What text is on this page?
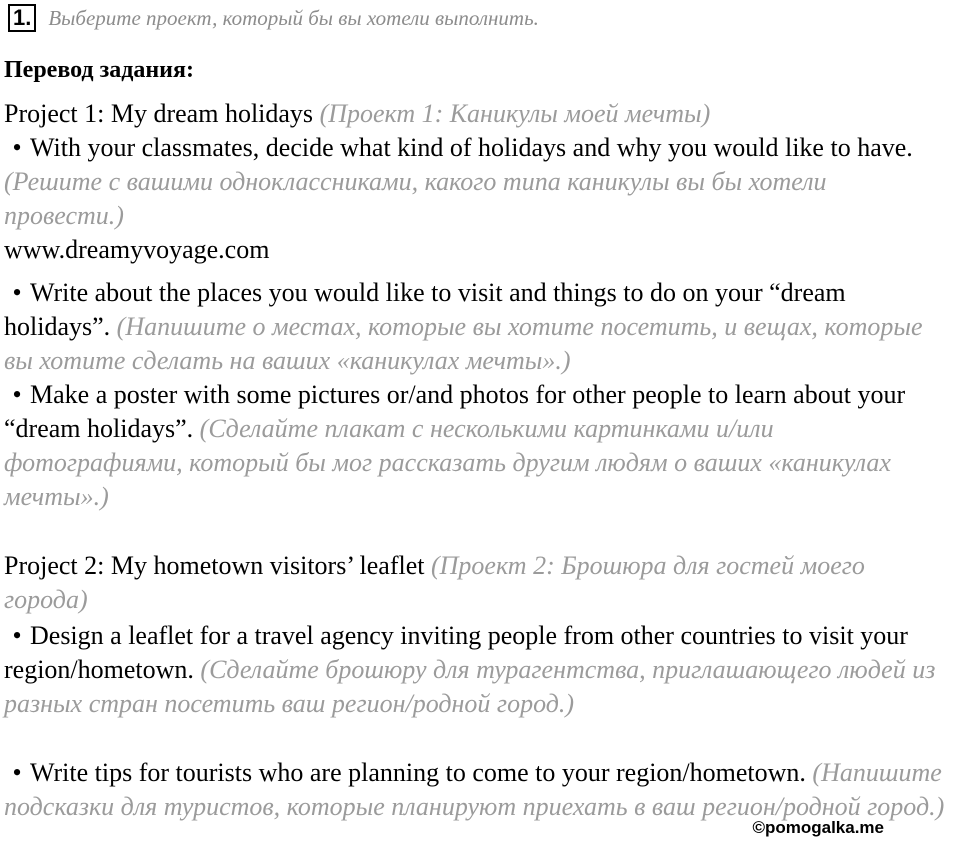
1. Выберите проект, который бы вы хотели выполнить.
Перевод задания:

Project 1: My dream holidays (Проект 1: Каникулы моей мечты)

• With your classmates, decide what kind of holidays and why you would like to have. (Решите с вашими одноклассниками, какого типа каникулы вы бы хотели провести.)

www.dreamyvoyage.com

• Write about the places you would like to visit and things to do on your “dream holidays”. (Напишите о местах, которые вы хотите посетить, и вещах, которые вы хотите сделать на ваших «каникулах мечты».)

• Make a poster with some pictures or/and photos for other people to learn about your “dream holidays”. (Сделайте плакат с несколькими картинками и/или фотографиями, который бы мог рассказать другим людям о ваших «каникулах мечты».)

Project 2: My hometown visitors’ leaflet (Проект 2: Брошюра для гостей моего города)

• Design a leaflet for a travel agency inviting people from other countries to visit your region/hometown. (Сделайте брошюру для турагентства, приглашающего людей из разных стран посетить ваш регион/родной город.)

• Write tips for tourists who are planning to come to your region/hometown. (Напишите подсказки для туристов, которые планируют приехать в ваш регион/родной город.)

©pomogalka.me
